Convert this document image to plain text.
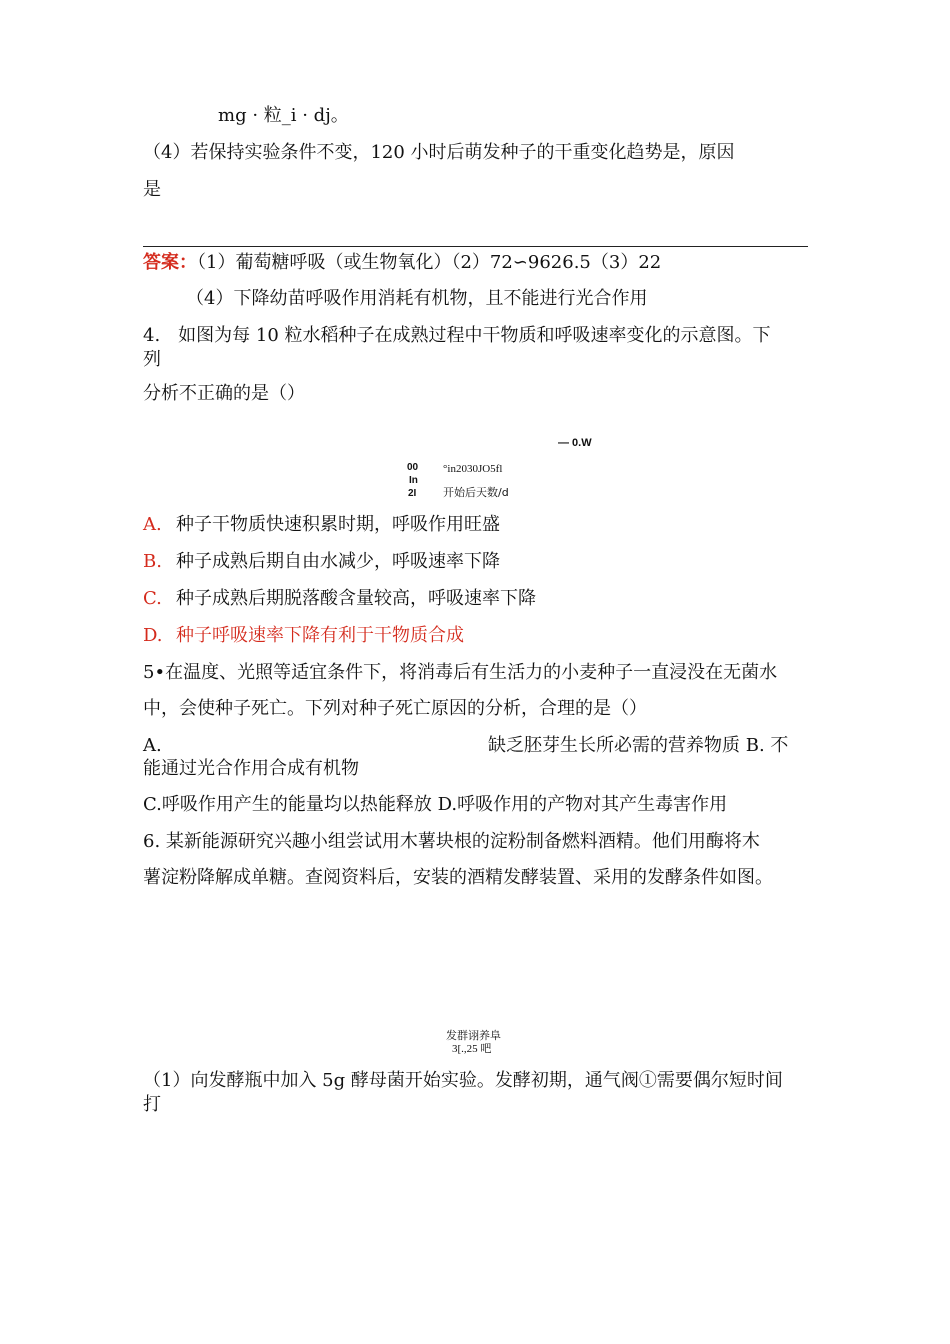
mg · 粒_i · dj。
（4）若保持实验条件不变，120 小时后萌发种子的干重变化趋势是，原因
是
答案：（1）葡萄糖呼吸（或生物氧化）（2）72∽9626.5（3）22
（4）下降幼苗呼吸作用消耗有机物，且不能进行光合作用
4.　如图为每 10 粒水稻种子在成熟过程中干物质和呼吸速率变化的示意图。下
列
分析不正确的是（）
— 0.W
00
In
2I
°in2030JO5fl
开始后天数/d
A. 种子干物质快速积累时期，呼吸作用旺盛
B. 种子成熟后期自由水减少，呼吸速率下降
C. 种子成熟后期脱落酸含量较高，呼吸速率下降
D. 种子呼吸速率下降有利于干物质合成
5•在温度、光照等适宜条件下，将消毒后有生活力的小麦种子一直浸没在无菌水
中，会使种子死亡。下列对种子死亡原因的分析，合理的是（）
A.	缺乏胚芽生长所必需的营养物质 B. 不
能通过光合作用合成有机物
C.呼吸作用产生的能量均以热能释放 D.呼吸作用的产物对其产生毒害作用
6. 某新能源研究兴趣小组尝试用木薯块根的淀粉制备燃料酒精。他们用酶将木
薯淀粉降解成单糖。查阅资料后，安装的酒精发酵装置、采用的发酵条件如图。
发群诩养阜
3[.,25 吧
（1）向发酵瓶中加入 5g 酵母菌开始实验。发酵初期，通气阀①需要偶尔短时间
打
